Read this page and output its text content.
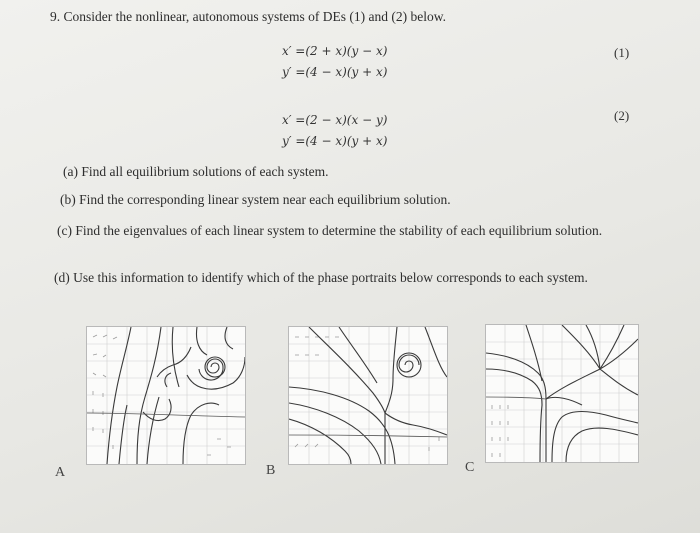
9. Consider the nonlinear, autonomous systems of DEs (1) and (2) below.
x′ =(2 + x)(y − x)
y′ =(4 − x)(y + x)
(1)
x′ =(2 − x)(x − y)
y′ =(4 − x)(y + x)
(2)
(a) Find all equilibrium solutions of each system.
(b) Find the corresponding linear system near each equilibrium solution.
(c) Find the eigenvalues of each linear system to determine the stability of each equilibrium solution.
(d) Use this information to identify which of the phase portraits below corresponds to each system.
A	B	C
